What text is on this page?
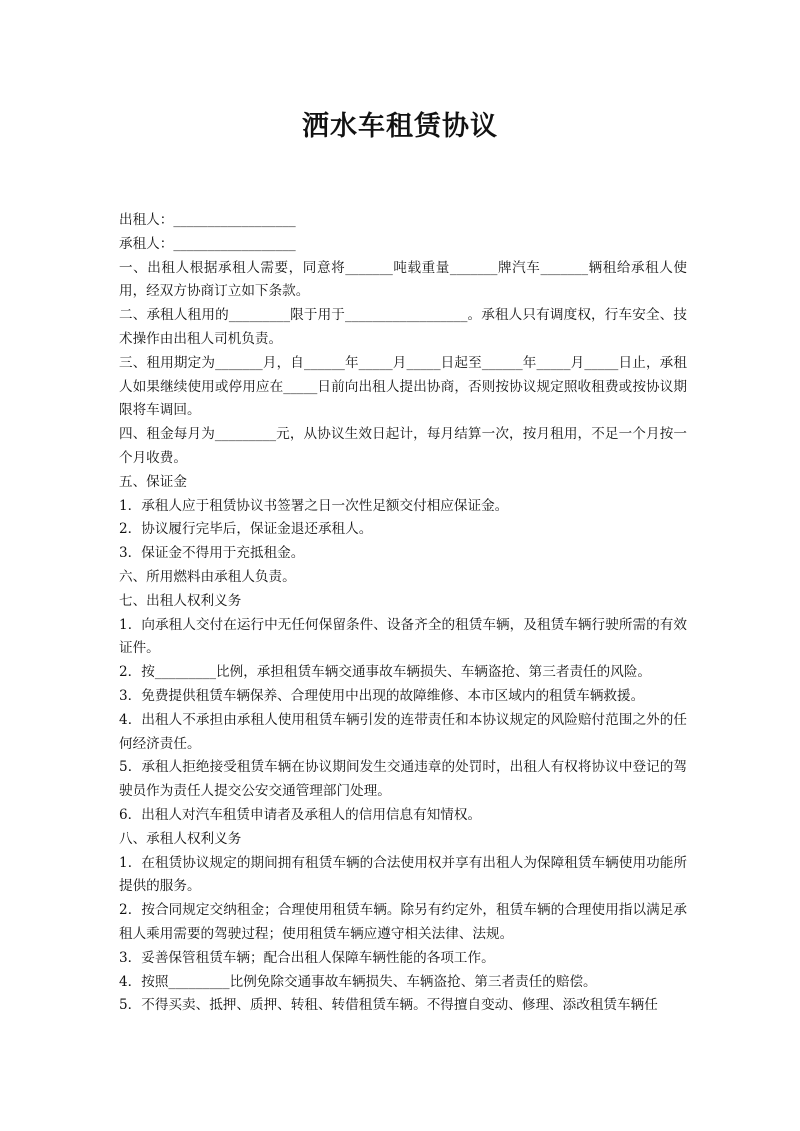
洒水车租赁协议

出租人：__________________

承租人：__________________

一、出租人根据承租人需要，同意将_______吨载重量_______牌汽车_______辆租给承租人使用，经双方协商订立如下条款。

二、承租人租用的_________限于用于__________________。承租人只有调度权，行车安全、技术操作由出租人司机负责。

三、租用期定为_______月，自______年_____月_____日起至______年_____月_____日止，承租人如果继续使用或停用应在_____日前向出租人提出协商，否则按协议规定照收租费或按协议期限将车调回。

四、租金每月为_________元，从协议生效日起计，每月结算一次，按月租用，不足一个月按一个月收费。

五、保证金

1．承租人应于租赁协议书签署之日一次性足额交付相应保证金。

2．协议履行完毕后，保证金退还承租人。

3．保证金不得用于充抵租金。

六、所用燃料由承租人负责。

七、出租人权利义务

1．向承租人交付在运行中无任何保留条件、设备齐全的租赁车辆，及租赁车辆行驶所需的有效证件。

2．按_________比例，承担租赁车辆交通事故车辆损失、车辆盗抢、第三者责任的风险。

3．免费提供租赁车辆保养、合理使用中出现的故障维修、本市区域内的租赁车辆救援。

4．出租人不承担由承租人使用租赁车辆引发的连带责任和本协议规定的风险赔付范围之外的任何经济责任。

5．承租人拒绝接受租赁车辆在协议期间发生交通违章的处罚时，出租人有权将协议中登记的驾驶员作为责任人提交公安交通管理部门处理。

6．出租人对汽车租赁申请者及承租人的信用信息有知情权。

八、承租人权利义务

1．在租赁协议规定的期间拥有租赁车辆的合法使用权并享有出租人为保障租赁车辆使用功能所提供的服务。

2．按合同规定交纳租金；合理使用租赁车辆。除另有约定外，租赁车辆的合理使用指以满足承租人乘用需要的驾驶过程；使用租赁车辆应遵守相关法律、法规。

3．妥善保管租赁车辆；配合出租人保障车辆性能的各项工作。

4．按照_________比例免除交通事故车辆损失、车辆盗抢、第三者责任的赔偿。

5．不得买卖、抵押、质押、转租、转借租赁车辆。不得擅自变动、修理、添改租赁车辆任
